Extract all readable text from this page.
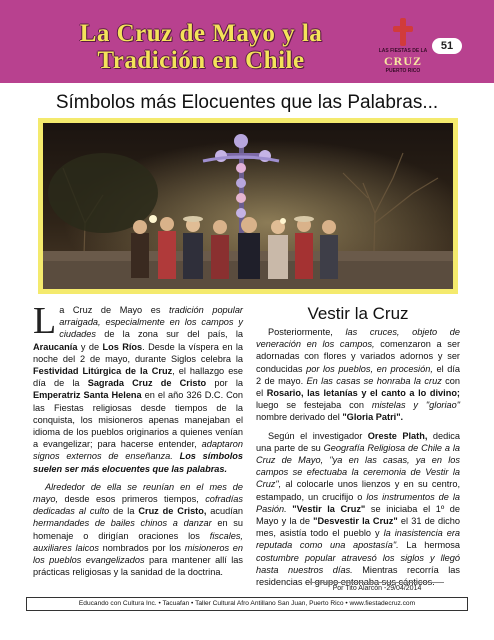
La Cruz de Mayo y la
Tradición en Chile	LAS FIESTAS DE LA
CRUZ
PUERTO RICO
51
Símbolos más Elocuentes que las Palabras...
La Cruz de Mayo es tradición popular arraigada, especialmente en los campos y ciudades de la zona sur del país, la Araucanía y de Los Ríos. Desde la víspera en la noche del 2 de mayo, durante Siglos celebra la Festividad Litúrgica de la Cruz, el hallazgo ese día de la Sagrada Cruz de Cristo por la Emperatriz Santa Helena en el año 326 D.C. Con las Fiestas religiosas desde tiempos de la conquista, los misioneros apenas manejaban el idioma de los pueblos originarios a quienes venían a evangelizar; para hacerse entender, adaptaron signos externos de enseñanza. Los símbolos suelen ser más elocuentes que las palabras.
Alrededor de ella se reunían en el mes de mayo, desde esos primeros tiempos, cofradías dedicadas al culto de la Cruz de Cristo, acudían hermandades de bailes chinos a danzar en su homenaje o dirigían oraciones los fiscales, auxiliares laicos nombrados por los misioneros en los pueblos evangelizados para mantener allí las prácticas religiosas y la sanidad de la doctrina.
Vestir la Cruz
Posteriormente, las cruces, objeto de veneración en los campos, comenzaron a ser adornadas con flores y variados adornos y ser conducidas por los pueblos, en procesión, el día 2 de mayo. En las casas se honraba la cruz con el Rosario, las letanías y el canto a lo divino; luego se festejaba con mistelas y "gloriao" nombre derivado del "Gloria Patri".
Según el investigador Oreste Plath, dedica una parte de su Geografía Religiosa de Chile a la Cruz de Mayo, "ya en las casas, ya en los campos se efectuaba la ceremonia de Vestir la Cruz", al colocarle unos lienzos y en su centro, estampado, un crucifijo o los instrumentos de la Pasión. "Vestir la Cruz" se iniciaba el 1º de Mayo y la de "Desvestir la Cruz" el 31 de dicho mes, asistía todo el pueblo y la inasistencia era reputada como una apostasía". La hermosa costumbre popular atravesó los siglos y llegó hasta nuestros días. Mientras recorría las residencias el grupo entonaba sus cánticos.
Por Tito Alarcón -29/04/2014
Educando con Cultura Inc. • Tacuafan • Taller Cultural Afro Antillano San Juan, Puerto Rico • www.fiestadecruz.com
